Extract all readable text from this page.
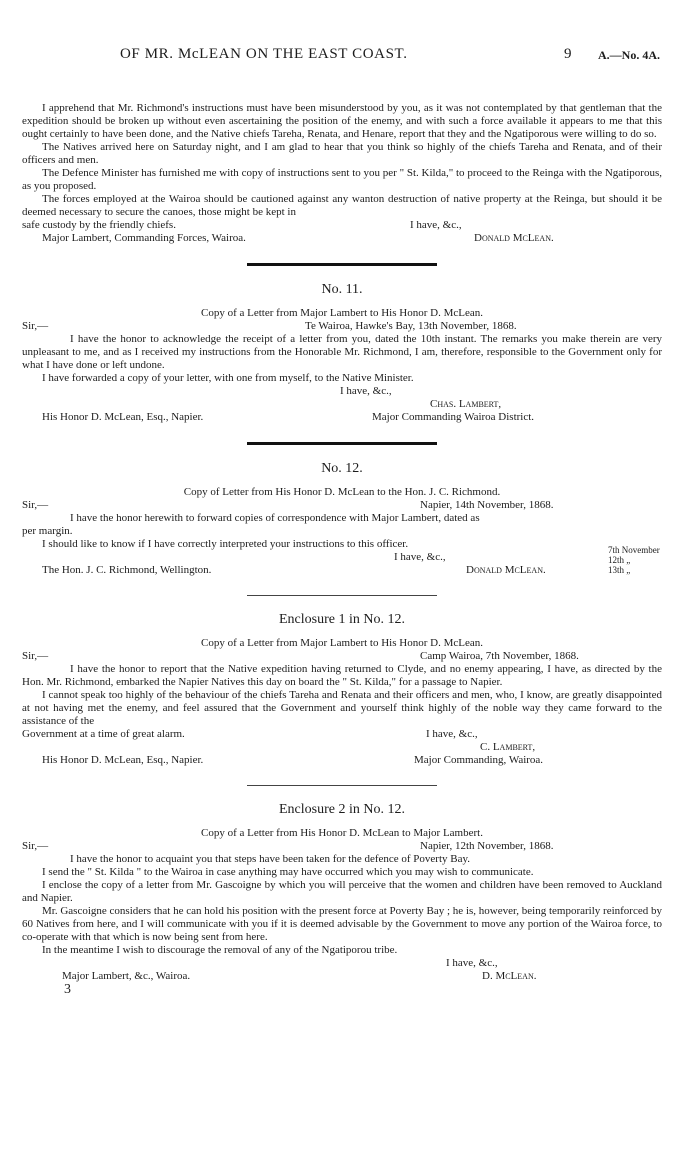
OF MR. McLEAN ON THE EAST COAST.	9 A.—No. 4A.

I apprehend that Mr. Richmond's instructions must have been misunderstood by you, as it was not contemplated by that gentleman that the expedition should be broken up without even ascertaining the position of the enemy, and with such a force available it appears to me that this ought certainly to have been done, and the Native chiefs Tareha, Renata, and Henare, report that they and the Ngatiporous were willing to do so.

The Natives arrived here on Saturday night, and I am glad to hear that you think so highly of the chiefs Tareha and Renata, and of their officers and men.

The Defence Minister has furnished me with copy of instructions sent to you per " St. Kilda," to proceed to the Reinga with the Ngatiporous, as you proposed.

The forces employed at the Wairoa should be cautioned against any wanton destruction of native property at the Reinga, but should it be deemed necessary to secure the canoes, those might be kept in

safe custody by the friendly chiefs.	I have, &c.,
Major Lambert, Commanding Forces, Wairoa.	Donald McLean.
No. 11.
Copy of a Letter from Major Lambert to His Honor D. McLean.
Sir,—	Te Wairoa, Hawke's Bay, 13th November, 1868.

I have the honor to acknowledge the receipt of a letter from you, dated the 10th instant. The remarks you make therein are very unpleasant to me, and as I received my instructions from the Honorable Mr. Richmond, I am, therefore, responsible to the Government only for what I have done or left undone.

I have forwarded a copy of your letter, with one from myself, to the Native Minister.

I have, &c.,
Chas. Lambert,
His Honor D. McLean, Esq., Napier.	Major Commanding Wairoa District.
No. 12.
Copy of Letter from His Honor D. McLean to the Hon. J. C. Richmond.
Sir,—	Napier, 14th November, 1868.
I have the honor herewith to forward copies of correspondence with Major Lambert, dated as
per margin.
I should like to know if I have correctly interpreted your instructions to this officer.
I have, &c.,
The Hon. J. C. Richmond, Wellington.	Donald McLean.
7th November
12th „
13th „
Enclosure 1 in No. 12.
Copy of a Letter from Major Lambert to His Honor D. McLean.
Sir,—	Camp Wairoa, 7th November, 1868.

I have the honor to report that the Native expedition having returned to Clyde, and no enemy appearing, I have, as directed by the Hon. Mr. Richmond, embarked the Napier Natives this day on board the " St. Kilda," for a passage to Napier.

I cannot speak too highly of the behaviour of the chiefs Tareha and Renata and their officers and men, who, I know, are greatly disappointed at not having met the enemy, and feel assured that the Government and yourself think highly of the noble way they came forward to the assistance of the

Government at a time of great alarm.	I have, &c.,
C. Lambert,
His Honor D. McLean, Esq., Napier.	Major Commanding, Wairoa.
Enclosure 2 in No. 12.
Copy of a Letter from His Honor D. McLean to Major Lambert.
Sir,—	Napier, 12th November, 1868.

I have the honor to acquaint you that steps have been taken for the defence of Poverty Bay.

I send the " St. Kilda " to the Wairoa in case anything may have occurred which you may wish to communicate.

I enclose the copy of a letter from Mr. Gascoigne by which you will perceive that the women and children have been removed to Auckland and Napier.

Mr. Gascoigne considers that he can hold his position with the present force at Poverty Bay ; he is, however, being temporarily reinforced by 60 Natives from here, and I will communicate with you if it is deemed advisable by the Government to move any portion of the Wairoa force, to co-operate with that which is now being sent from here.

In the meantime I wish to discourage the removal of any of the Ngatiporou tribe.

I have, &c.,
Major Lambert, &c., Wairoa.	D. McLean.
3
